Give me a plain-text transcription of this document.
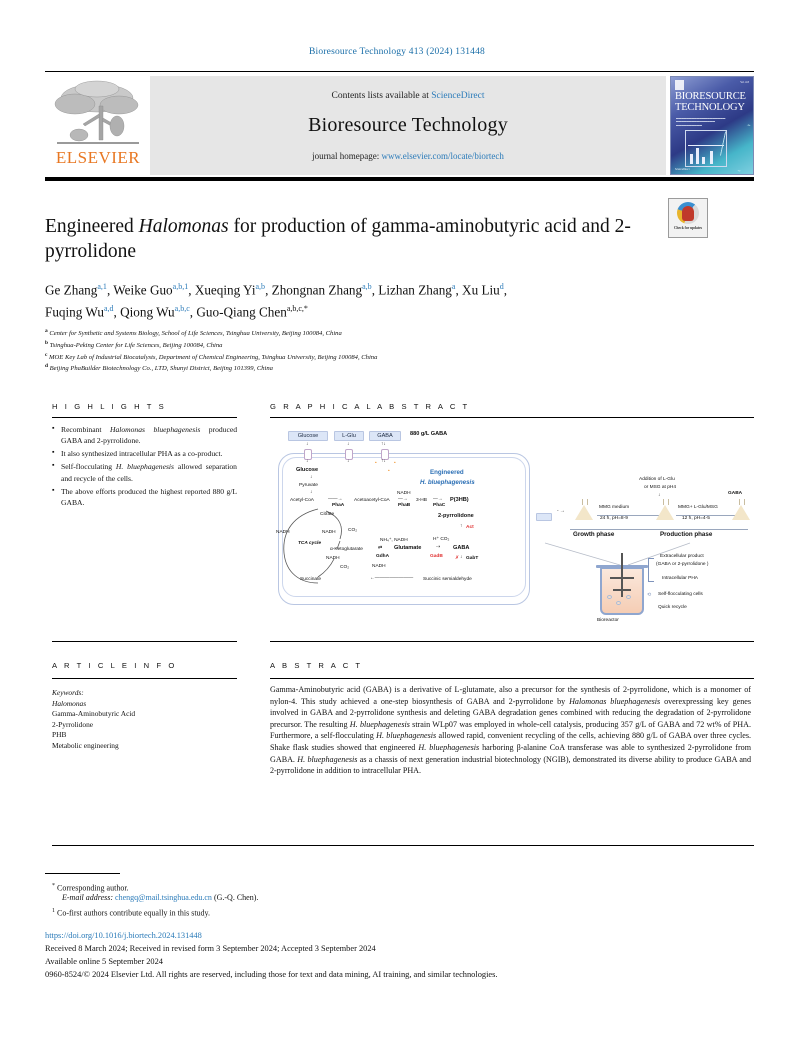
Bioresource Technology 413 (2024) 131448
ELSEVIER
Contents lists available at ScienceDirect
Bioresource Technology
journal homepage: www.elsevier.com/locate/biortech
Vol. 413
BIORESOURCE
TECHNOLOGY
▬▬▬▬▬▬▬▬▬▬▬▬▬▬▬▬▬▬▬
▬▬▬▬▬▬▬▬▬▬▬▬▬▬▬
▬▬▬▬▬▬▬▬▬▬
ScienceDirect
Engineered Halomonas for production of gamma-aminobutyric acid and 2-pyrrolidone
Check for updates
Ge Zhang$^{a,1}$, Weike Guo$^{a,b,1}$, Xueqing Yi$^{a,b}$, Zhongnan Zhang$^{a,b}$, Lizhan Zhang$^a$, Xu Liu$^d$,
Fuqing Wu$^{a,d}$, Qiong Wu$^{a,b,c}$, Guo-Qiang Chen$^{a,b,c,*}$
$^a$ Center for Synthetic and Systems Biology, School of Life Sciences, Tsinghua University, Beijing 100084, China
$^b$ Tsinghua-Peking Center for Life Sciences, Beijing 100084, China
$^c$ MOE Key Lab of Industrial Biocatalysts, Department of Chemical Engineering, Tsinghua University, Beijing 100084, China
$^d$ Beijing PhaBuilder Biotechnology Co., LTD, Shunyi District, Beijing 101399, China
H I G H L I G H T S	G R A P H I C A L A B S T R A C T
▪ Recombinant Halomonas bluephagenesis produced GABA and 2-pyrrolidone.
▪ It also synthesized intracellular PHA as a co-product.
▪ Self-flocculating H. bluephagenesis allowed separation and recycle of the cells.
▪ The above efforts produced the highest reported 880 g/L GABA.
Glucose	L-Glu	GABA	880 g/L GABA
↓
↓
↓
↓
↑↓
↑↓
•	•
•	Engineered
H. bluephagenesis
Glucose
↓
Pyruvate
↓
Acetyl-CoA	——→
PhaA
Acetoacetyl-CoA
NADH
—→
PhaB
3-HB —→
PhaC
P(3HB)
Citrate
NADH
TCA cycle
NADH	CO₂
NADH
CO₂
Succinate
α-Ketoglutarate
NH₄⁺, NADH
⇄
GdhA
Glutamate
H⁺ CO₂
⇢
GadB
GABA
2-pyrrolidone
↑ Act
✗ ↓ GabT
Succinic semialdehyde
←————————
NADH
- →
MMG medium
24 h, pH=8-9
Addition of L-Glu
or MSG at pH4
↓
MMG+ L-Glu/MSG
12 h, pH=4-5
GABA
Growth phase	Production phase
Bioreactor
Extracellular product
(GABA or 2-pyrrolidone )
Intracellular PHA
⟲ Self-flocculating cells
Quick recycle
A R T I C L E I N F O	A B S T R A C T
Keywords:
Halomonas
Gamma-Aminobutyric Acid
2-Pyrrolidone
PHB
Metabolic engineering

Gamma-Aminobutyric acid (GABA) is a derivative of L-glutamate, also a precursor for the synthesis of 2-pyrrolidone, which is a monomer of nylon-4. This study achieved a one-step biosynthesis of GABA and 2-pyrrolidone by Halomonas bluephagenesis overexpressing key genes involved in GABA and 2-pyrrolidone synthesis and deleting GABA degradation genes combined with reducing the degradation of 2-pyrrolidone precursor. The resulting H. bluephagenesis strain WLp07 was employed in whole-cell catalysis, producing 357 g/L of GABA and 72 wt% of PHA. Furthermore, a self-flocculating H. bluephagenesis allowed rapid, convenient recycling of the cells, achieving 880 g/L of GABA over three cycles. Shake flask studies showed that engineered H. bluephagenesis harboring β-alanine CoA transferase was able to synthesized 2-pyrrolidone from GABA. H. bluephagenesis as a chassis of next generation industrial biotechnology (NGIB), demonstrated its diverse ability to produce GABA and 2-pyrrolidone in addition to intracellular PHA.

* Corresponding author.
E-mail address: chengq@mail.tsinghua.edu.cn (G.-Q. Chen).
$^1$ Co-first authors contribute equally in this study.
https://doi.org/10.1016/j.biortech.2024.131448
Received 8 March 2024; Received in revised form 3 September 2024; Accepted 3 September 2024
Available online 5 September 2024
0960-8524/© 2024 Elsevier Ltd. All rights are reserved, including those for text and data mining, AI training, and similar technologies.
